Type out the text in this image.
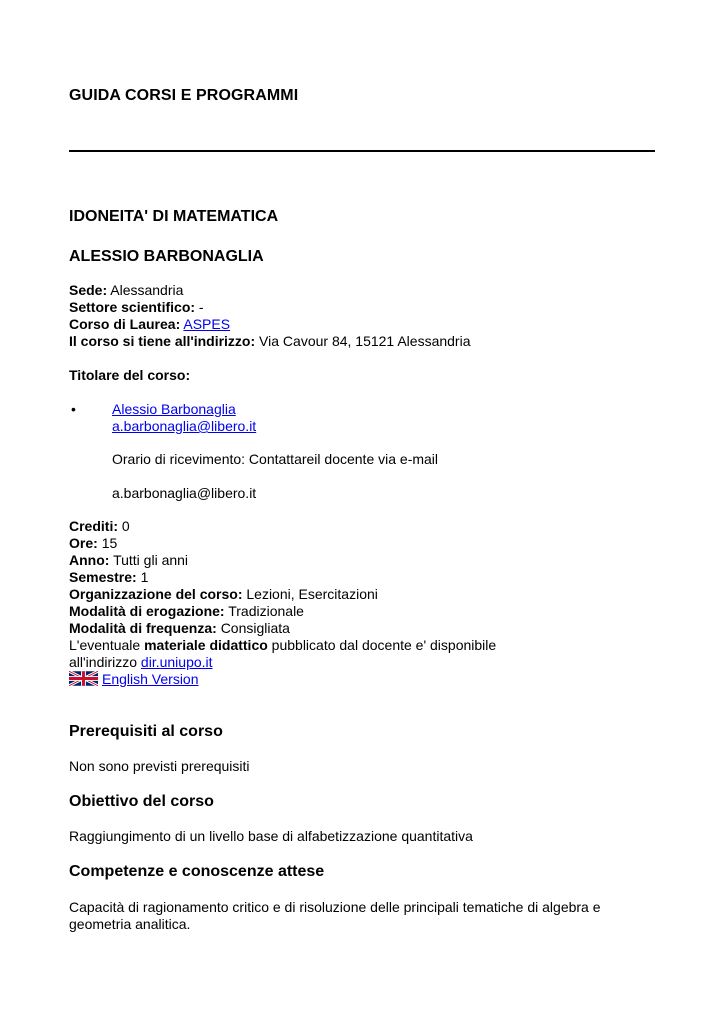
GUIDA CORSI E PROGRAMMI
IDONEITA' DI MATEMATICA
ALESSIO BARBONAGLIA
Sede: Alessandria
Settore scientifico: -
Corso di Laurea: ASPES
Il corso si tiene all'indirizzo: Via Cavour 84, 15121 Alessandria
Titolare del corso:
•	Alessio Barbonaglia
a.barbonaglia@libero.it
Orario di ricevimento: Contattareil docente via e-mail
a.barbonaglia@libero.it
Crediti: 0
Ore: 15
Anno: Tutti gli anni
Semestre: 1
Organizzazione del corso: Lezioni, Esercitazioni
Modalità di erogazione: Tradizionale
Modalità di frequenza: Consigliata
L'eventuale materiale didattico pubblicato dal docente e' disponibile
all'indirizzo dir.uniupo.it
English Version
Prerequisiti al corso
Non sono previsti prerequisiti
Obiettivo del corso
Raggiungimento di un livello base di alfabetizzazione quantitativa
Competenze e conoscenze attese
Capacità di ragionamento critico e di risoluzione delle principali tematiche di algebra e geometria analitica.
